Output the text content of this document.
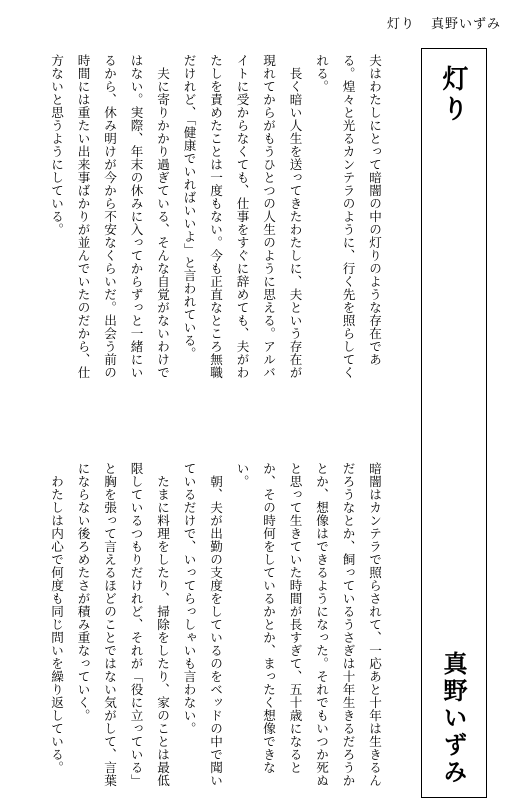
灯り 真野いずみ
灯り
真野いずみ

夫はわたしにとって暗闇の中の灯りのような存在である。煌々と光るカンテラのように、行く先を照らしてくれる。

長く暗い人生を送ってきたわたしに、夫という存在が現れてからがもうひとつの人生のように思える。アルバイトに受からなくても、仕事をすぐに辞めても、夫がわたしを責めたことは一度もない。今も正直なところ無職だけれど、「健康でいればいいよ」と言われている。

夫に寄りかかり過ぎている、そんな自覚がないわけではない。実際、年末の休みに入ってからずっと一緒にいるから、休み明けが今から不安なくらいだ。出会う前の時間には重たい出来事ばかりが並んでいたのだから、仕方ないと思うようにしている。

暗闇はカンテラで照らされて、一応あと十年は生きるんだろうなとか、飼っているうさぎは十年生きるだろうかとか、想像はできるようになった。それでもいつか死ぬと思って生きていた時間が長すぎて、五十歳になるとか、その時何をしているかとか、まったく想像できない。

朝、夫が出勤の支度をしているのをベッドの中で聞いているだけで、いってらっしゃいも言わない。

たまに料理をしたり、掃除をしたり、家のことは最低限しているつもりだけれど、それが「役に立っている」と胸を張って言えるほどのことではない気がして、言葉にならない後ろめたさが積み重なっていく。

わたしは内心で何度も同じ問いを繰り返している。
